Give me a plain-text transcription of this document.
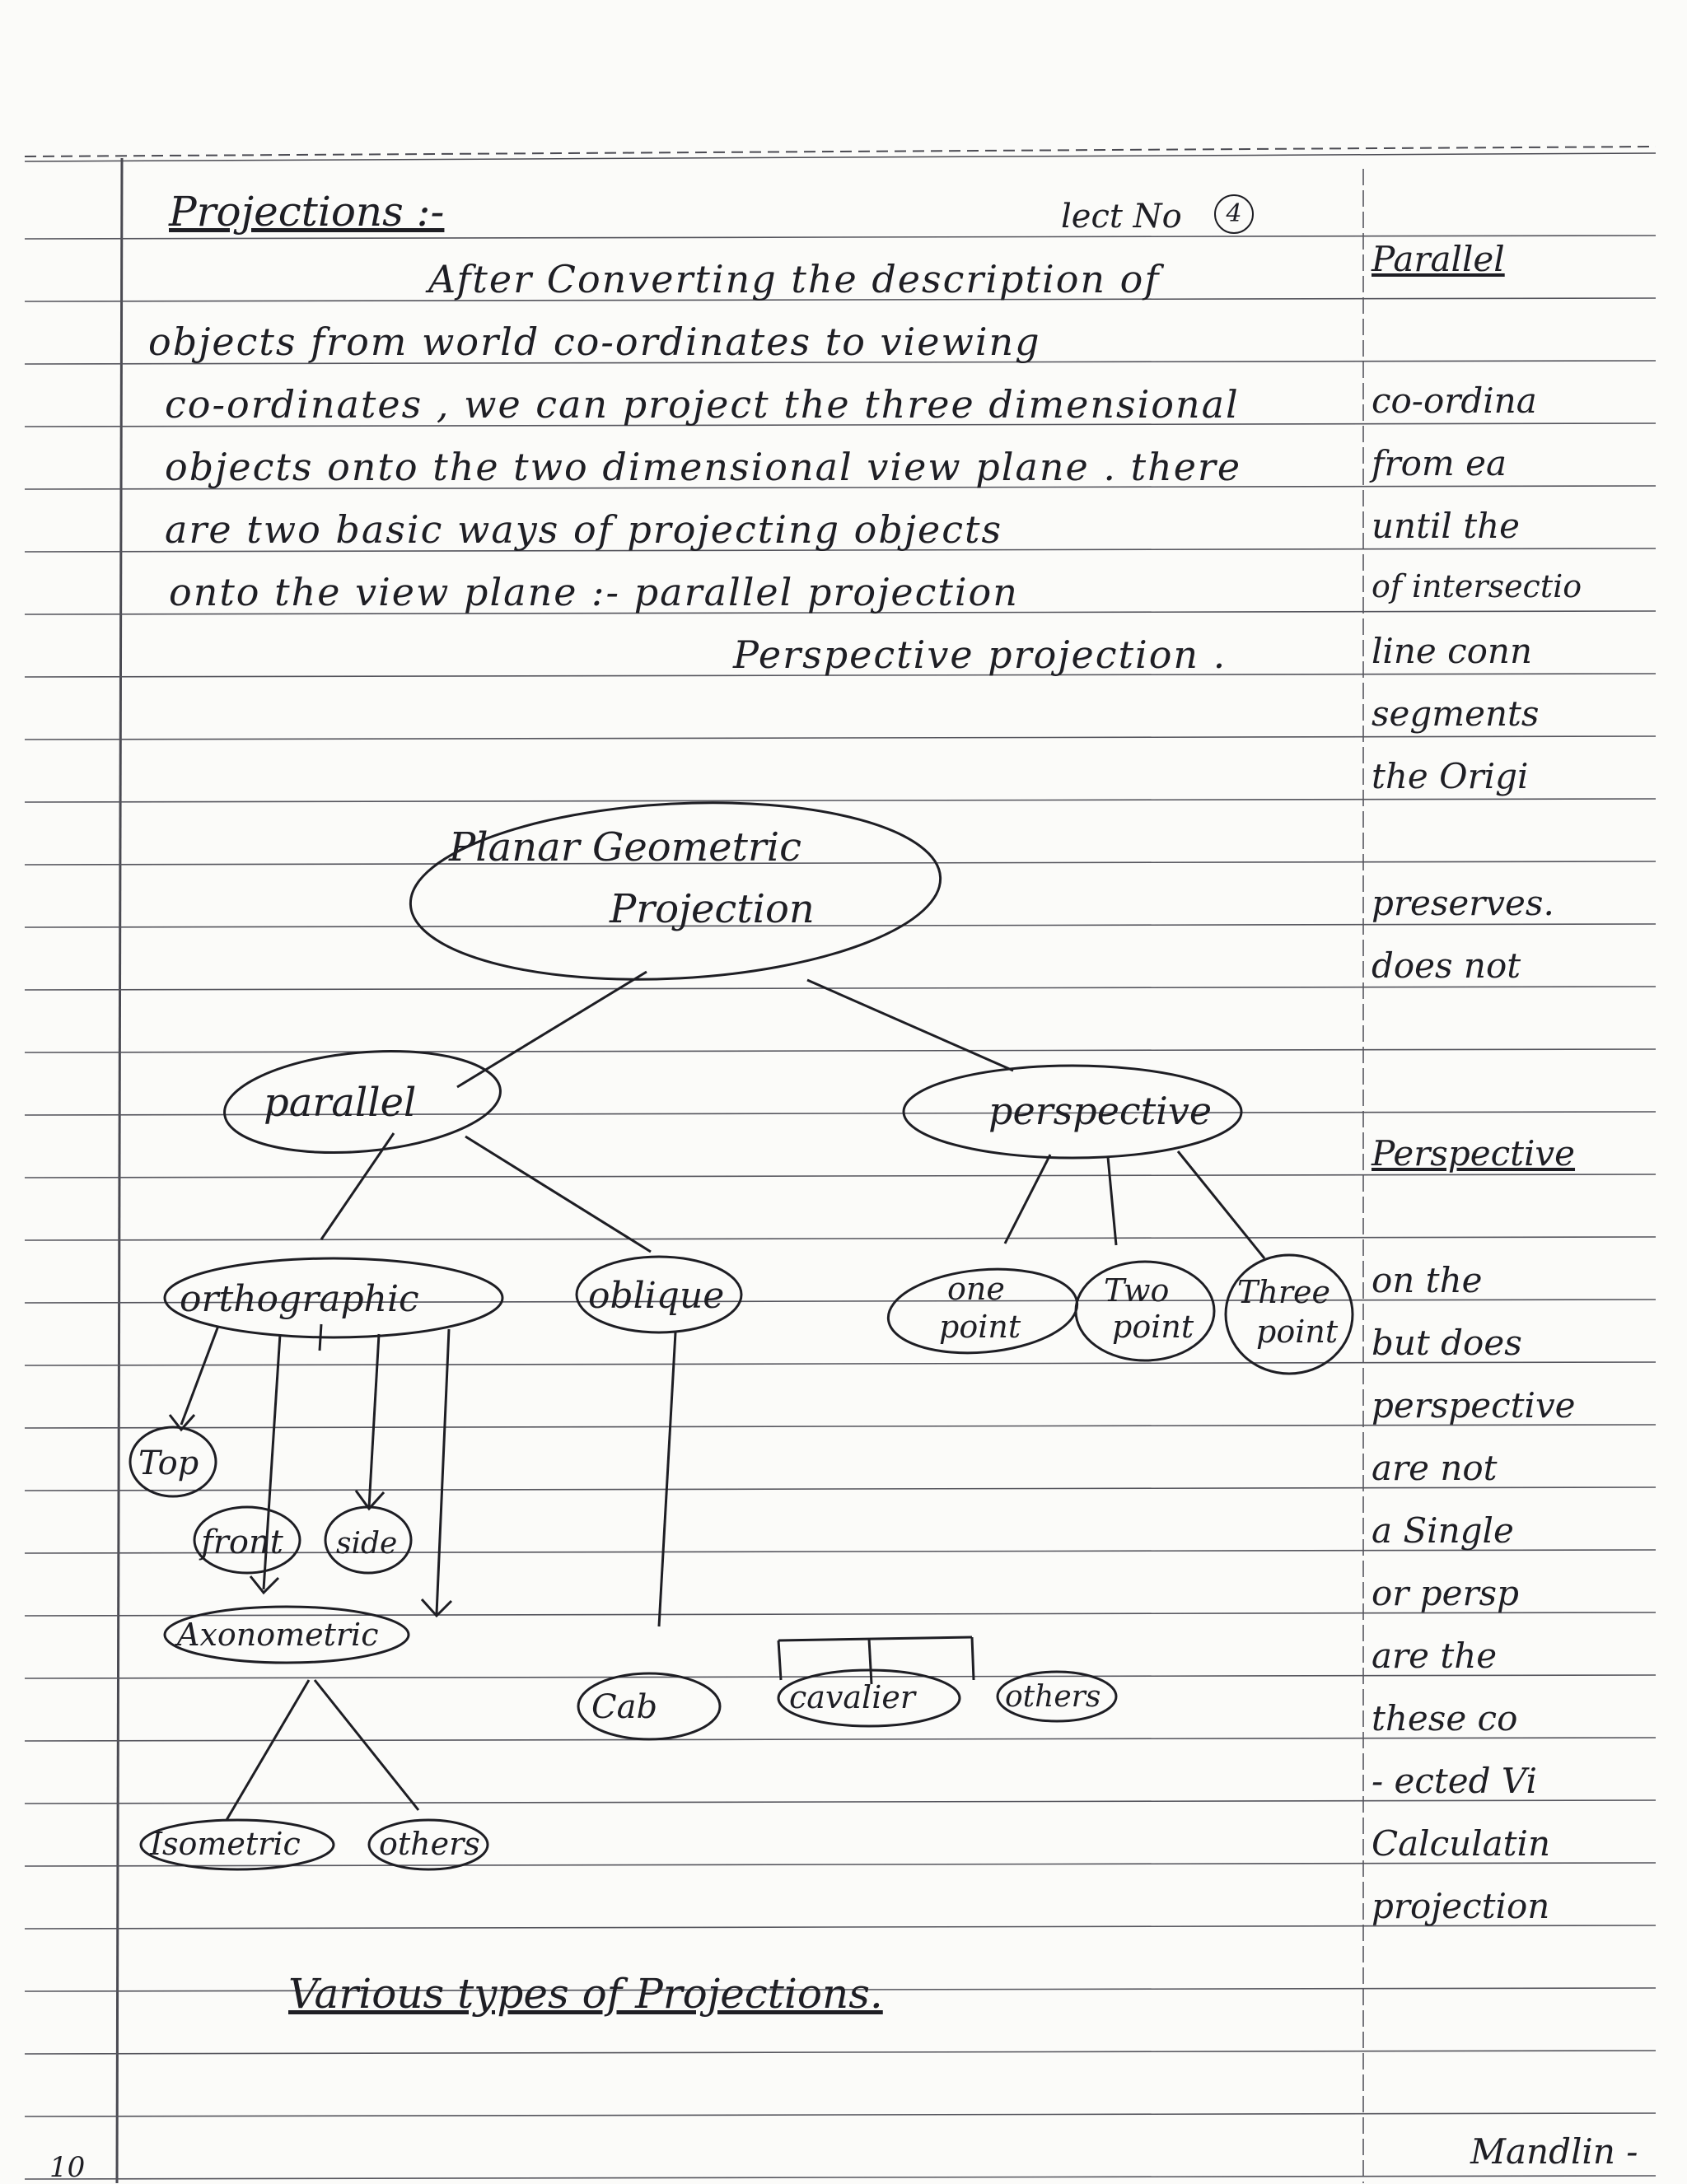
Projections :-	lect No	4
After Converting the description of
objects from world co-ordinates to viewing
co-ordinates , we can project the three dimensional
objects onto the two dimensional view plane . there
are two basic ways of projecting objects
onto the view plane :- parallel projection
Perspective projection .
Planar Geometric
Projection
parallel	perspective
orthographic	oblique	one
point
Two
point
Three
point
Top
front side
Axonometric
Cab	cavalier	others
Isometric	others
Various types of Projections.
Parallel
co-ordina
from ea
until the
of intersectio
line conn
segments
the Origi
preserves.
does not
Perspective
on the
but does
perspective
are not
a Single
or persp
are the
these co
- ected Vi
Calculatin
projection
Mandlin -
10
